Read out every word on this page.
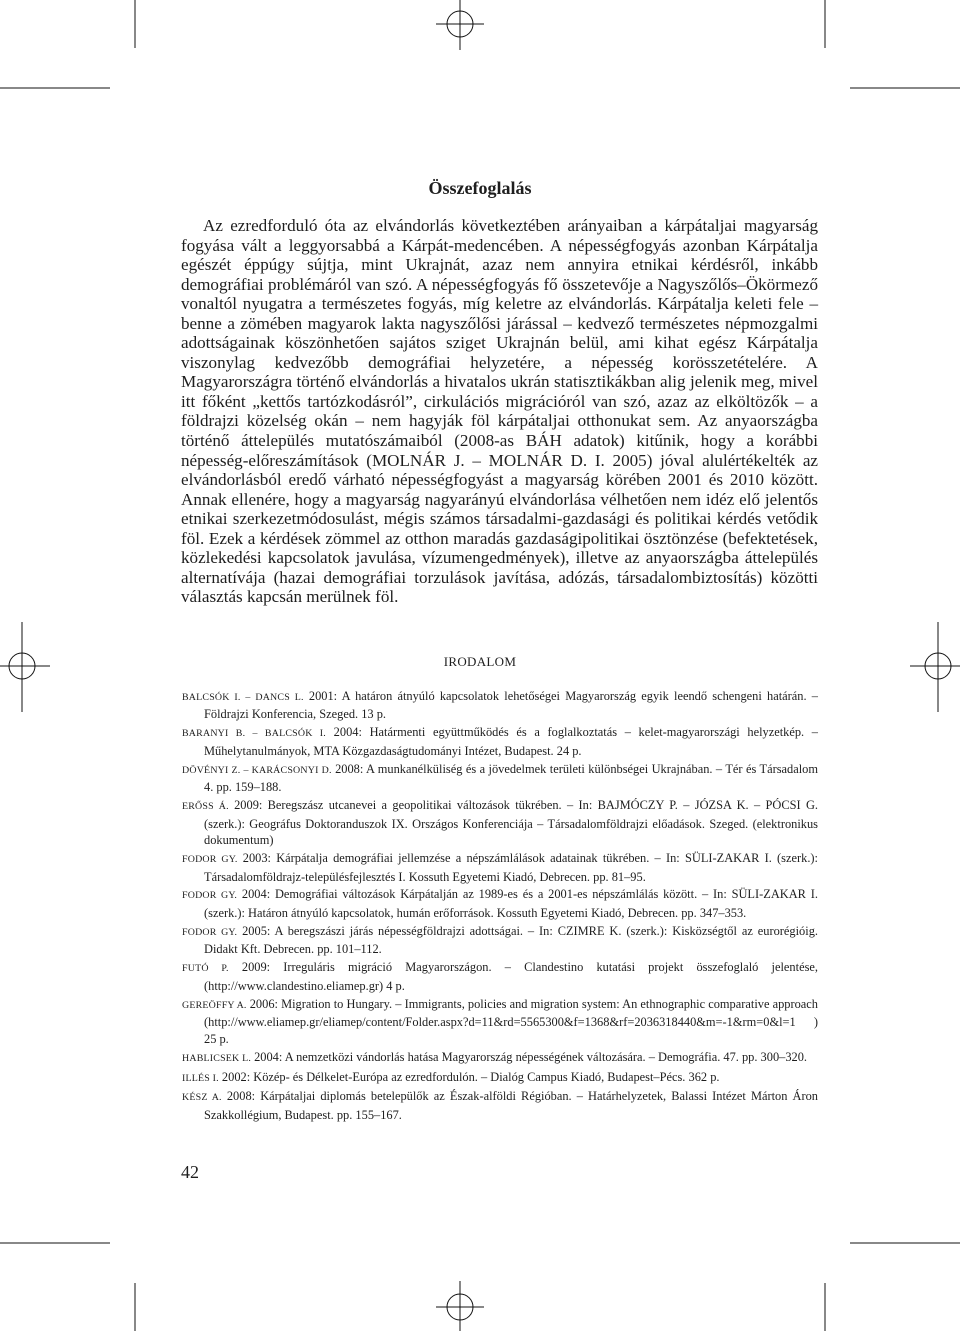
Összefoglalás

Az ezredforduló óta az elvándorlás következtében arányaiban a kárpátaljai magyarság fogyása vált a leggyorsabbá a Kárpát-medencében. A népességfogyás azonban Kárpátalja egészét éppúgy sújtja, mint Ukrajnát, azaz nem annyira etnikai kérdésről, inkább demográfiai problémáról van szó. A népességfogyás fő összetevője a Nagyszőlős–Ökörmező vonaltól nyugatra a természetes fogyás, míg keletre az elvándorlás. Kárpátalja keleti fele – benne a zömében magyarok lakta nagyszőlősi járással – kedvező természetes népmozgalmi adottságainak köszönhetően sajátos sziget Ukrajnán belül, ami kihat egész Kárpátalja viszonylag kedvezőbb demográfiai helyzetére, a népesség korösszetételére. A Magyarországra történő elvándorlás a hivatalos ukrán statisztikákban alig jelenik meg, mivel itt főként „kettős tartózkodásról”, cirkulációs migrációról van szó, azaz az elköltözők – a földrajzi közelség okán – nem hagyják föl kárpátaljai otthonukat sem. Az anyaországba történő áttelepülés mutatószámaiból (2008-as BÁH adatok) kitűnik, hogy a korábbi népesség-előreszámítások (MOLNÁR J. – MOLNÁR D. I. 2005) jóval alulértékelték az elvándorlásból eredő várható népességfogyást a magyarság körében 2001 és 2010 között. Annak ellenére, hogy a magyarság nagyarányú elvándorlása vélhetően nem idéz elő jelentős etnikai szerkezetmódosulást, mégis számos társadalmi-gazdasági és politikai kérdés vetődik föl. Ezek a kérdések zömmel az otthon maradás gazdaságipolitikai ösztönzése (befektetések, közlekedési kapcsolatok javulása, vízumengedmények), illetve az anyaországba áttelepülés alternatívája (hazai demográfiai torzulások javítása, adózás, társadalombiztosítás) közötti választás kapcsán merülnek föl.

IRODALOM
BALCSÓK I. – DANCS L. 2001: A határon átnyúló kapcsolatok lehetőségei Magyarország egyik leendő schengeni határán. – Földrajzi Konferencia, Szeged. 13 p.
BARANYI B. – BALCSÓK I. 2004: Határmenti együttműködés és a foglalkoztatás – kelet-magyarországi helyzetkép. – Műhelytanulmányok, MTA Közgazdaságtudományi Intézet, Budapest. 24 p.
DÖVÉNYI Z. – KARÁCSONYI D. 2008: A munkanélküliség és a jövedelmek területi különbségei Ukrajnában. – Tér és Társadalom 4. pp. 159–188.
ERŐSS Á. 2009: Beregszász utcanevei a geopolitikai változások tükrében. – In: BAJMÓCZY P. – JÓZSA K. – PÓCSI G. (szerk.): Geográfus Doktoranduszok IX. Országos Konferenciája – Társadalomföldrajzi előadások. Szeged. (elektronikus dokumentum)
FODOR GY. 2003: Kárpátalja demográfiai jellemzése a népszámlálások adatainak tükrében. – In: SÜLI-ZAKAR I. (szerk.): Társadalomföldrajz-településfejlesztés I. Kossuth Egyetemi Kiadó, Debrecen. pp. 81–95.
FODOR GY. 2004: Demográfiai változások Kárpátalján az 1989-es és a 2001-es népszámlálás között. – In: SÜLI-ZAKAR I. (szerk.): Határon átnyúló kapcsolatok, humán erőforrások. Kossuth Egyetemi Kiadó, Debrecen. pp. 347–353.
FODOR GY. 2005: A beregszászi járás népességföldrajzi adottságai. – In: CZIMRE K. (szerk.): Kisközségtől az eurorégióig. Didakt Kft. Debrecen. pp. 101–112.
FUTÓ P. 2009: Irreguláris migráció Magyarországon. – Clandestino kutatási projekt összefoglaló jelentése, (http://www.clandestino.eliamep.gr) 4 p.
GEREÖFFY A. 2006: Migration to Hungary. – Immigrants, policies and migration system: An ethnographic comparative approach (http://www.eliamep.gr/eliamep/content/Folder.aspx?d=11&rd=5565300&f=1368&rf=2036318440&m=-1&rm=0&l=1 ) 25 p.
HABLICSEK L. 2004: A nemzetközi vándorlás hatása Magyarország népességének változására. – Demográfia. 47. pp. 300–320.
ILLÉS I. 2002: Közép- és Délkelet-Európa az ezredfordulón. – Dialóg Campus Kiadó, Budapest–Pécs. 362 p.
KÉSZ A. 2008: Kárpátaljai diplomás betelepülők az Észak-alföldi Régióban. – Határhelyzetek, Balassi Intézet Márton Áron Szakkollégium, Budapest. pp. 155–167.
42
